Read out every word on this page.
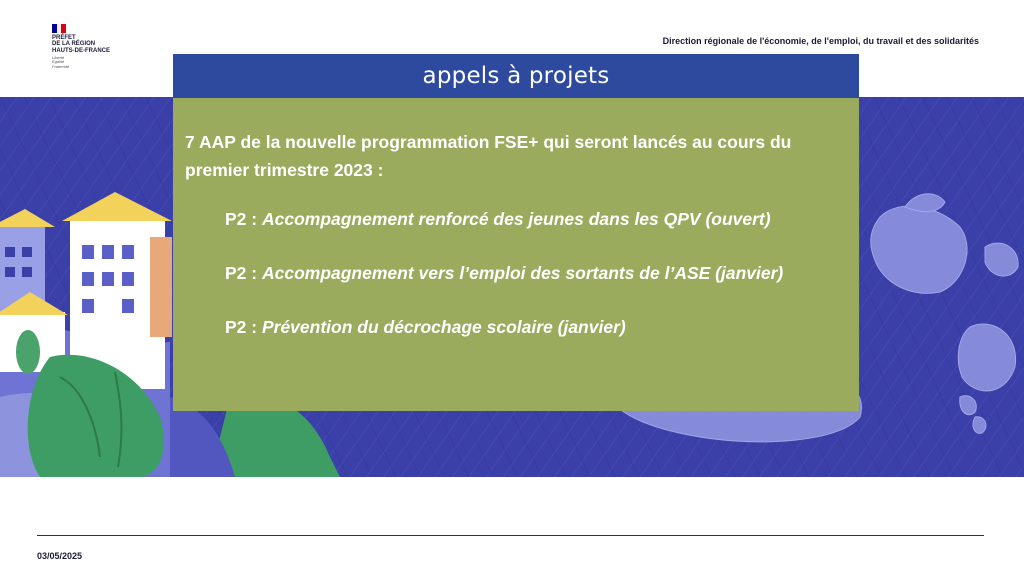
PRÉFET
DE LA RÉGION
HAUTS-DE-FRANCE
Liberté
Égalité
Fraternité
Direction régionale de l'économie, de l'emploi, du travail et des solidarités
appels à projets

7 AAP de la nouvelle programmation FSE+ qui seront lancés au cours du premier trimestre 2023 :

P2 : Accompagnement renforcé des jeunes dans les QPV (ouvert)
P2 : Accompagnement vers l’emploi des sortants de l’ASE (janvier)
P2 : Prévention du décrochage scolaire (janvier)
03/05/2025
